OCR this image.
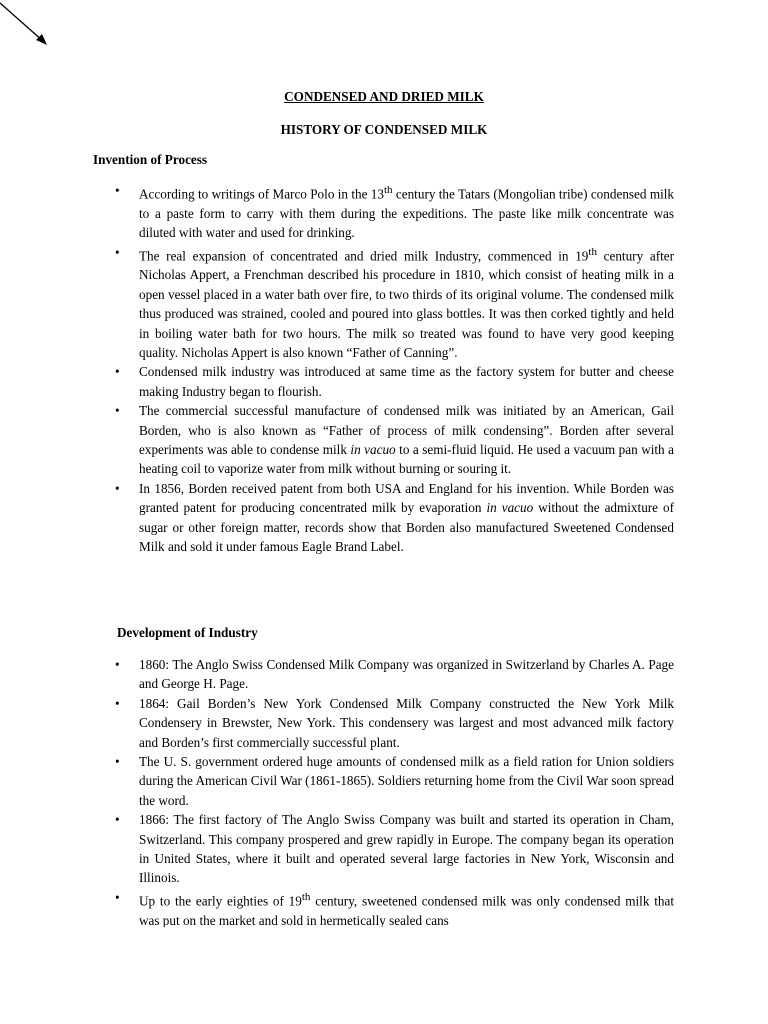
CONDENSED AND DRIED MILK
HISTORY OF CONDENSED MILK
Invention of Process
• According to writings of Marco Polo in the 13th century the Tatars (Mongolian tribe) condensed milk to a paste form to carry with them during the expeditions. The paste like milk concentrate was diluted with water and used for drinking.
• The real expansion of concentrated and dried milk Industry, commenced in 19th century after Nicholas Appert, a Frenchman described his procedure in 1810, which consist of heating milk in a open vessel placed in a water bath over fire, to two thirds of its original volume. The condensed milk thus produced was strained, cooled and poured into glass bottles. It was then corked tightly and held in boiling water bath for two hours. The milk so treated was found to have very good keeping quality. Nicholas Appert is also known “Father of Canning”.
• Condensed milk industry was introduced at same time as the factory system for butter and cheese making Industry began to flourish.
• The commercial successful manufacture of condensed milk was initiated by an American, Gail Borden, who is also known as “Father of process of milk condensing”. Borden after several experiments was able to condense milk in vacuo to a semi-fluid liquid. He used a vacuum pan with a heating coil to vaporize water from milk without burning or souring it.
• In 1856, Borden received patent from both USA and England for his invention. While Borden was granted patent for producing concentrated milk by evaporation in vacuo without the admixture of sugar or other foreign matter, records show that Borden also manufactured Sweetened Condensed Milk and sold it under famous Eagle Brand Label.
Development of Industry
• 1860: The Anglo Swiss Condensed Milk Company was organized in Switzerland by Charles A. Page and George H. Page.
• 1864: Gail Borden’s New York Condensed Milk Company constructed the New York Milk Condensery in Brewster, New York. This condensery was largest and most advanced milk factory and Borden’s first commercially successful plant.
• The U. S. government ordered huge amounts of condensed milk as a field ration for Union soldiers during the American Civil War (1861-1865). Soldiers returning home from the Civil War soon spread the word.
• 1866: The first factory of The Anglo Swiss Company was built and started its operation in Cham, Switzerland. This company prospered and grew rapidly in Europe. The company began its operation in United States, where it built and operated several large factories in New York, Wisconsin and Illinois.
• Up to the early eighties of 19th century, sweetened condensed milk was only condensed milk that was put on the market and sold in hermetically sealed cans
